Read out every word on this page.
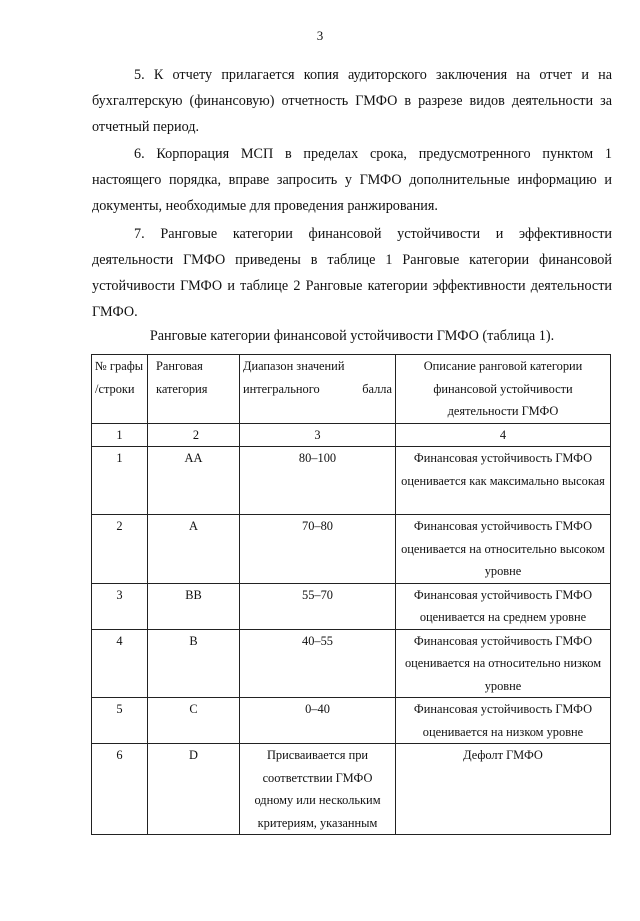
3

5. К отчету прилагается копия аудиторского заключения на отчет и на бухгалтерскую (финансовую) отчетность ГМФО в разрезе видов деятельности за отчетный период.

6. Корпорация МСП в пределах срока, предусмотренного пунктом 1 настоящего порядка, вправе запросить у ГМФО дополнительные информацию и документы, необходимые для проведения ранжирования.

7. Ранговые категории финансовой устойчивости и эффективности деятельности ГМФО приведены в таблице 1 Ранговые категории финансовой устойчивости ГМФО и таблице 2 Ранговые категории эффективности деятельности ГМФО.

Ранговые категории финансовой устойчивости ГМФО (таблица 1).
№ графы /строки	Ранговая категория	Диапазон значений интегрального балла	Описание ранговой категории финансовой устойчивости деятельности ГМФО
1	2	3	4
1	AA	80–100	Финансовая устойчивость ГМФО оценивается как максимально высокая
2	A	70–80	Финансовая устойчивость ГМФО оценивается на относительно высоком уровне
3	BB	55–70	Финансовая устойчивость ГМФО оценивается на среднем уровне
4	B	40–55	Финансовая устойчивость ГМФО оценивается на относительно низком уровне
5	C	0–40	Финансовая устойчивость ГМФО оценивается на низком уровне
6	D	Присваивается при соответствии ГМФО одному или нескольким критериям, указанным	Дефолт ГМФО
